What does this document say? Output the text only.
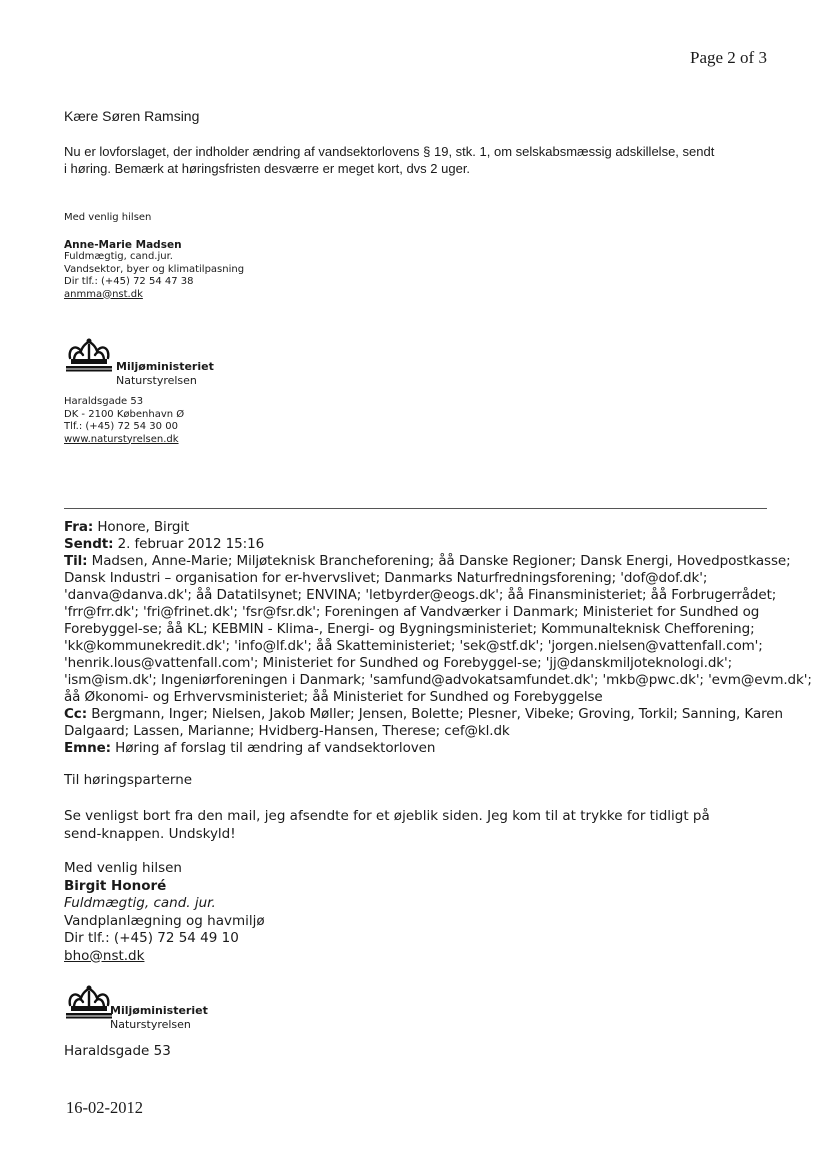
Page 2 of 3
Kære Søren Ramsing
Nu er lovforslaget, der indholder ændring af vandsektorlovens § 19, stk. 1, om selskabsmæssig adskillelse, sendt
i høring. Bemærk at høringsfristen desværre er meget kort, dvs 2 uger.
Med venlig hilsen
Anne-Marie Madsen
Fuldmægtig, cand.jur.
Vandsektor, byer og klimatilpasning
Dir tlf.: (+45) 72 54 47 38
anmma@nst.dk
Miljøministeriet
Naturstyrelsen
Haraldsgade 53
DK - 2100 København Ø
Tlf.: (+45) 72 54 30 00
www.naturstyrelsen.dk
Fra: Honore, Birgit
Sendt: 2. februar 2012 15:16
Til: Madsen, Anne-Marie; Miljøteknisk Brancheforening; åå Danske Regioner; Dansk Energi, Hovedpostkasse;
Dansk Industri – organisation for er-hvervslivet; Danmarks Naturfredningsforening; 'dof@dof.dk';
'danva@danva.dk'; åå Datatilsynet; ENVINA; 'letbyrder@eogs.dk'; åå Finansministeriet; åå Forbrugerrådet;
'frr@frr.dk'; 'fri@frinet.dk'; 'fsr@fsr.dk'; Foreningen af Vandværker i Danmark; Ministeriet for Sundhed og
Forebyggel-se; åå KL; KEBMIN - Klima-, Energi- og Bygningsministeriet; Kommunalteknisk Chefforening;
'kk@kommunekredit.dk'; 'info@lf.dk'; åå Skatteministeriet; 'sek@stf.dk'; 'jorgen.nielsen@vattenfall.com';
'henrik.lous@vattenfall.com'; Ministeriet for Sundhed og Forebyggel-se; 'jj@danskmiljoteknologi.dk';
'ism@ism.dk'; Ingeniørforeningen i Danmark; 'samfund@advokatsamfundet.dk'; 'mkb@pwc.dk'; 'evm@evm.dk';
åå Økonomi- og Erhvervsministeriet; åå Ministeriet for Sundhed og Forebyggelse
Cc: Bergmann, Inger; Nielsen, Jakob Møller; Jensen, Bolette; Plesner, Vibeke; Groving, Torkil; Sanning, Karen
Dalgaard; Lassen, Marianne; Hvidberg-Hansen, Therese; cef@kl.dk
Emne: Høring af forslag til ændring af vandsektorloven
Til høringsparterne
Se venligst bort fra den mail, jeg afsendte for et øjeblik siden. Jeg kom til at trykke for tidligt på
send-knappen. Undskyld!
Med venlig hilsen
Birgit Honoré
Fuldmægtig, cand. jur.
Vandplanlægning og havmiljø
Dir tlf.: (+45) 72 54 49 10
bho@nst.dk
Miljøministeriet
Naturstyrelsen
Haraldsgade 53
16-02-2012
